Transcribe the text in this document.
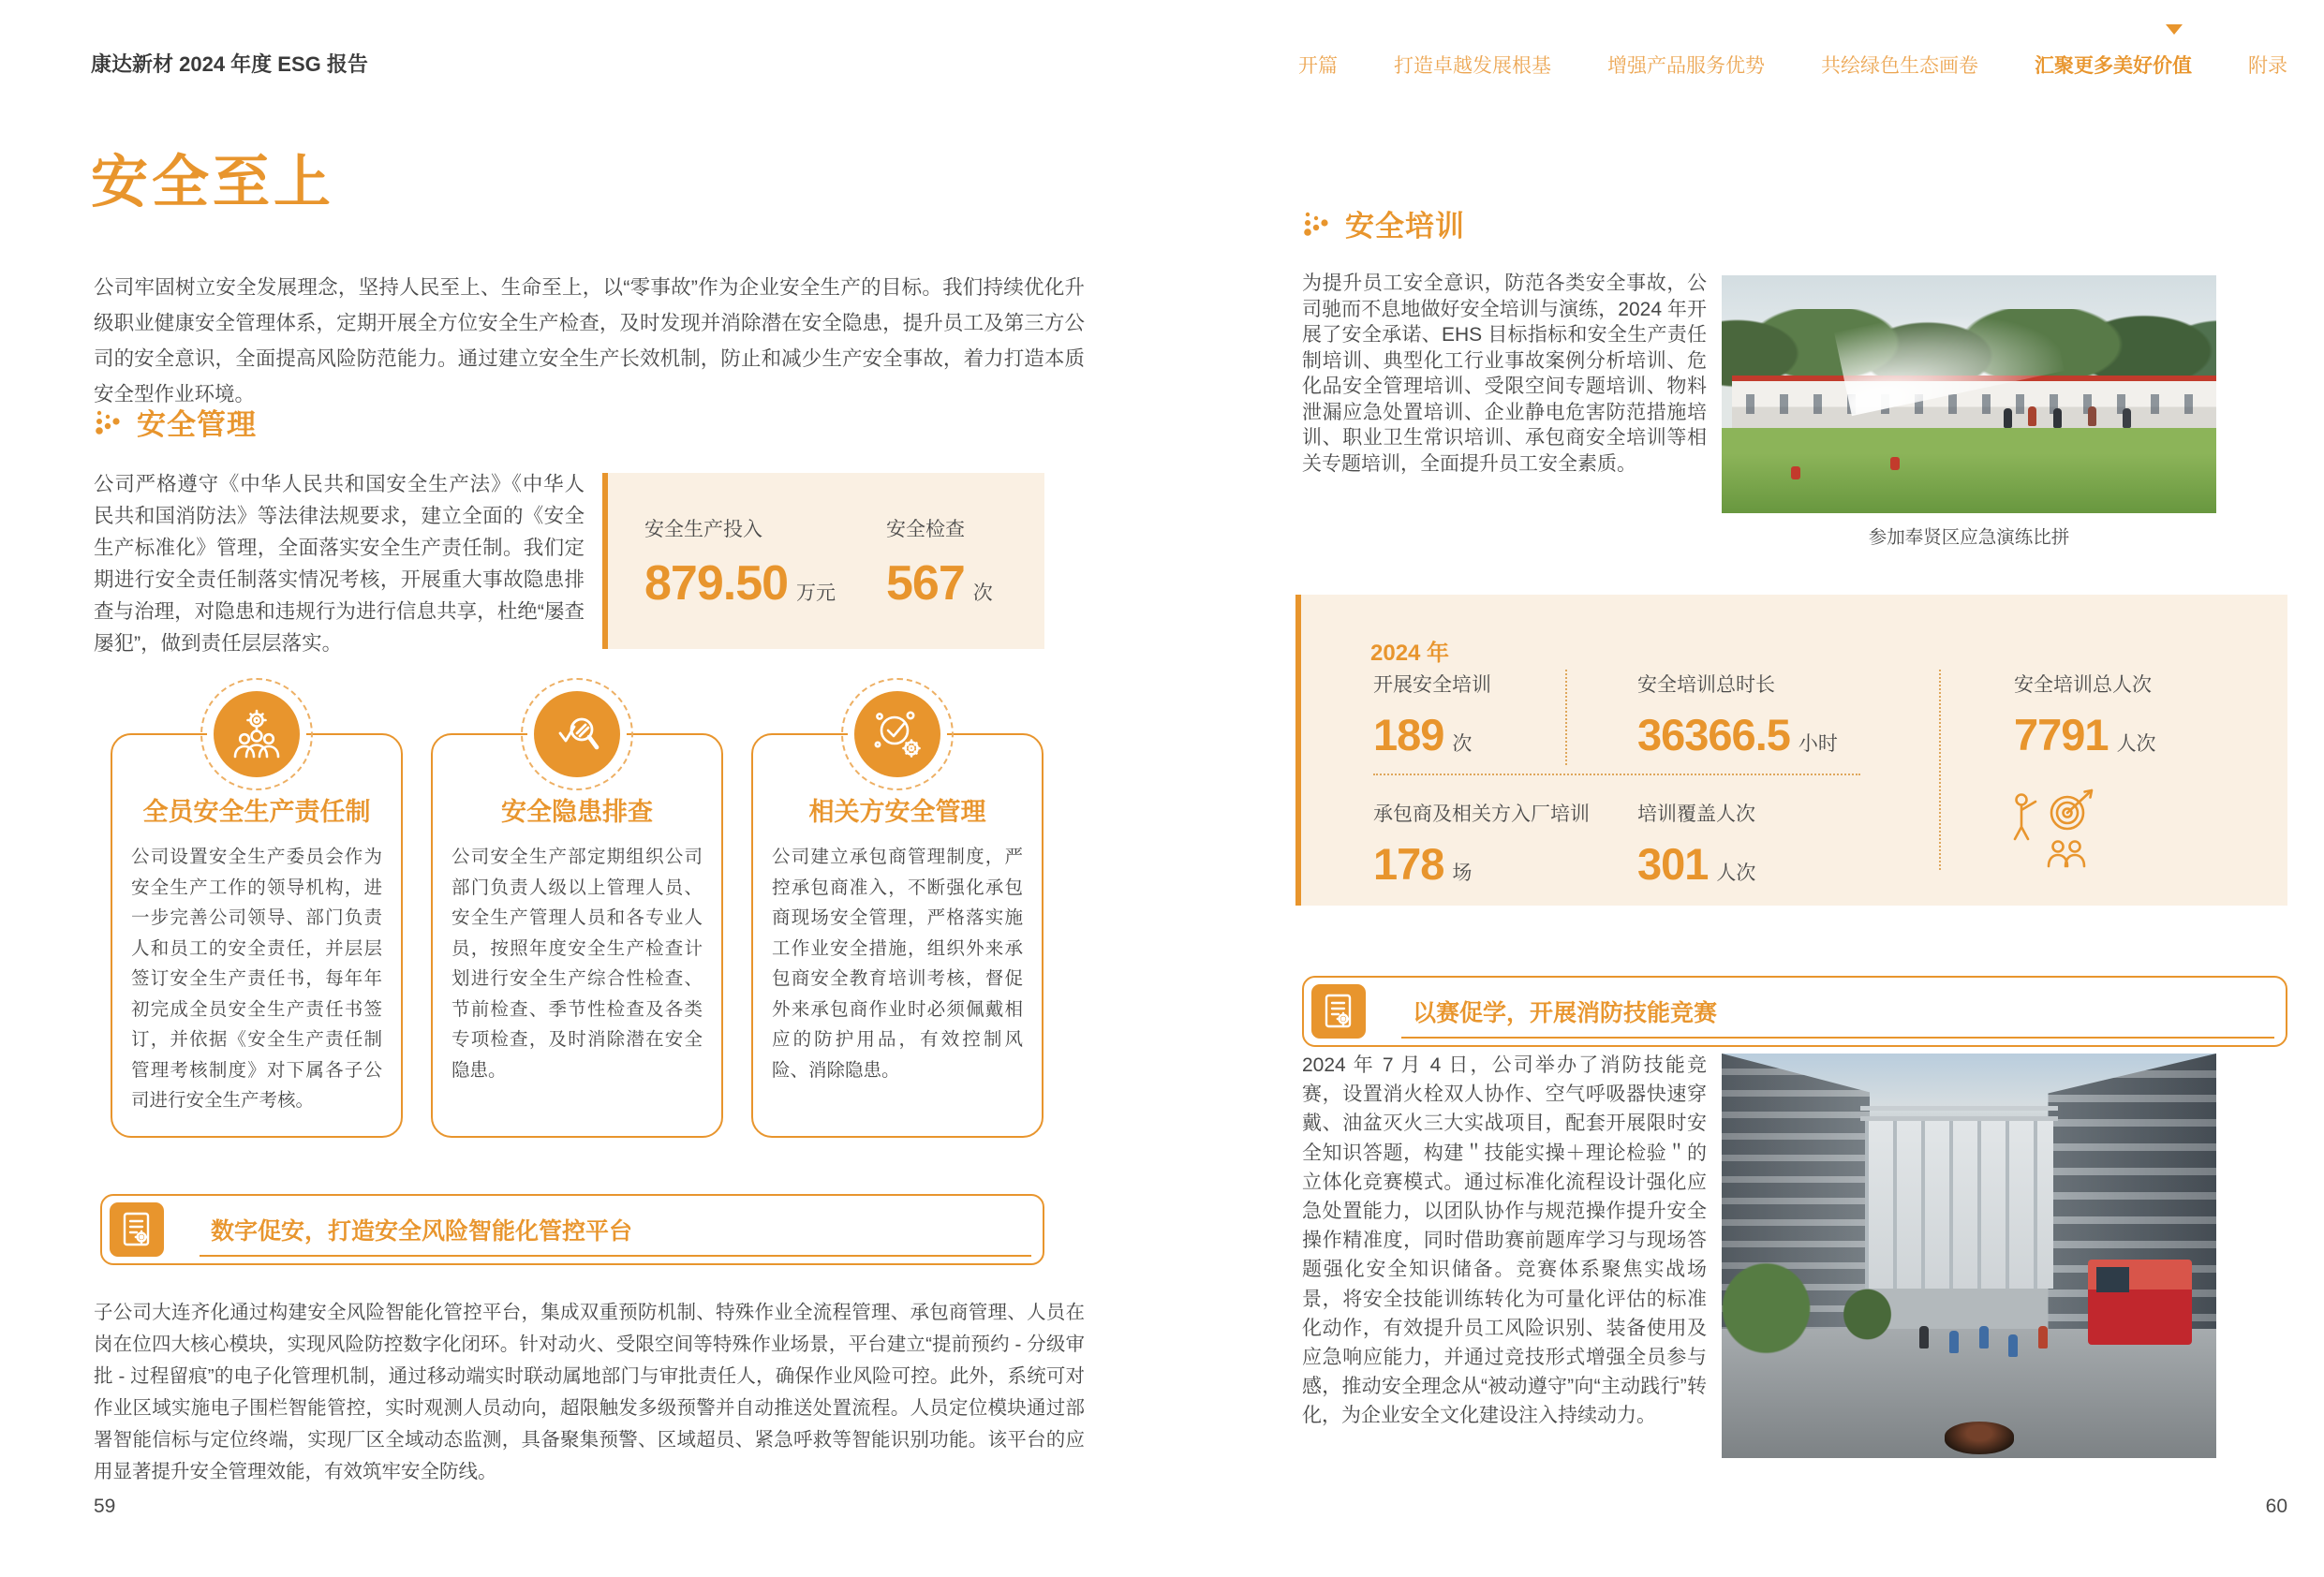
康达新材 2024 年度 ESG 报告	开篇	打造卓越发展根基	增强产品服务优势	共绘绿色生态画卷	汇聚更多美好价值	附录
安全至上

公司牢固树立安全发展理念，坚持人民至上、生命至上，以“零事故”作为企业安全生产的目标。我们持续优化升级职业健康安全管理体系，定期开展全方位安全生产检查，及时发现并消除潜在安全隐患，提升员工及第三方公司的安全意识，全面提高风险防范能力。通过建立安全生产长效机制，防止和减少生产安全事故，着力打造本质安全型作业环境。

安全管理

公司严格遵守《中华人民共和国安全生产法》《中华人民共和国消防法》等法律法规要求，建立全面的《安全生产标准化》管理，全面落实安全生产责任制。我们定期进行安全责任制落实情况考核，开展重大事故隐患排查与治理，对隐患和违规行为进行信息共享，杜绝“屡查屡犯”，做到责任层层落实。

安全生产投入
879.50 万元
安全检查
567 次
全员安全生产责任制

公司设置安全生产委员会作为安全生产工作的领导机构，进一步完善公司领导、部门负责人和员工的安全责任，并层层签订安全生产责任书，每年年初完成全员安全生产责任书签订，并依据《安全生产责任制管理考核制度》对下属各子公司进行安全生产考核。

安全隐患排查

公司安全生产部定期组织公司部门负责人级以上管理人员、安全生产管理人员和各专业人员，按照年度安全生产检查计划进行安全生产综合性检查、节前检查、季节性检查及各类专项检查，及时消除潜在安全隐患。

相关方安全管理

公司建立承包商管理制度，严控承包商准入，不断强化承包商现场安全管理，严格落实施工作业安全措施，组织外来承包商安全教育培训考核，督促外来承包商作业时必须佩戴相应的防护用品，有效控制风险、消除隐患。

数字促安，打造安全风险智能化管控平台

子公司大连齐化通过构建安全风险智能化管控平台，集成双重预防机制、特殊作业全流程管理、承包商管理、人员在岗在位四大核心模块，实现风险防控数字化闭环。针对动火、受限空间等特殊作业场景，平台建立“提前预约 - 分级审批 - 过程留痕”的电子化管理机制，通过移动端实时联动属地部门与审批责任人，确保作业风险可控。此外，系统可对作业区域实施电子围栏智能管控，实时观测人员动向，超限触发多级预警并自动推送处置流程。人员定位模块通过部署智能信标与定位终端，实现厂区全域动态监测，具备聚集预警、区域超员、紧急呼救等智能识别功能。该平台的应用显著提升安全管理效能，有效筑牢安全防线。

59
安全培训

为提升员工安全意识，防范各类安全事故，公司驰而不息地做好安全培训与演练，2024 年开展了安全承诺、EHS 目标指标和安全生产责任制培训、典型化工行业事故案例分析培训、危化品安全管理培训、受限空间专题培训、物料泄漏应急处置培训、企业静电危害防范措施培训、职业卫生常识培训、承包商安全培训等相关专题培训，全面提升员工安全素质。

参加奉贤区应急演练比拼
2024 年
开展安全培训
189 次
安全培训总时长
36366.5 小时
安全培训总人次
7791 人次
承包商及相关方入厂培训
178 场
培训覆盖人次
301 人次
以赛促学，开展消防技能竞赛

2024 年 7 月 4 日，公司举办了消防技能竞赛，设置消火栓双人协作、空气呼吸器快速穿戴、油盆灭火三大实战项目，配套开展限时安全知识答题，构建＂技能实操＋理论检验＂的立体化竞赛模式。通过标准化流程设计强化应急处置能力，以团队协作与规范操作提升安全操作精准度，同时借助赛前题库学习与现场答题强化安全知识储备。竞赛体系聚焦实战场景，将安全技能训练转化为可量化评估的标准化动作，有效提升员工风险识别、装备使用及应急响应能力，并通过竞技形式增强全员参与感，推动安全理念从“被动遵守”向“主动践行”转化，为企业安全文化建设注入持续动力。

60
